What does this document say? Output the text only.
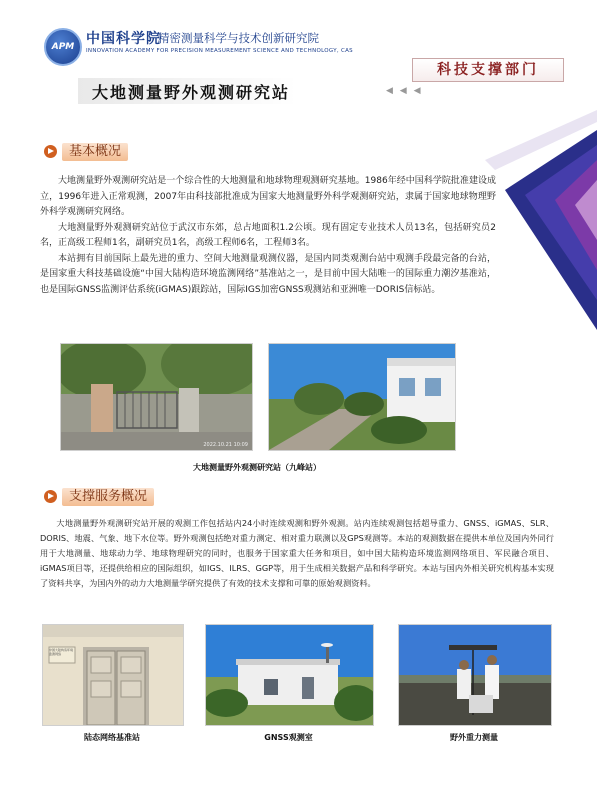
APM 中国科学院
精密测量科学与技术创新研究院
INNOVATION ACADEMY FOR PRECISION MEASUREMENT SCIENCE AND TECHNOLOGY, CAS
科技支撑部门
大地测量野外观测研究站	◀ ◀ ◀
基本概况

大地测量野外观测研究站是一个综合性的大地测量和地球物理观测研究基地。1986年经中国科学院批准建设成立，1996年进入正常观测，2007年由科技部批准成为国家大地测量野外科学观测研究站，隶属于国家地球物理野外科学观测研究网络。

大地测量野外观测研究站位于武汉市东郊，总占地面积1.2公顷。现有固定专业技术人员13名，包括研究员2名，正高级工程师1名，副研究员1名，高级工程师6名，工程师3名。

本站拥有目前国际上最先进的重力、空间大地测量观测仪器，是国内同类观测台站中观测手段最完备的台站，是国家重大科技基础设施“中国大陆构造环境监测网络”基准站之一，是目前中国大陆唯一的国际重力潮汐基准站，也是国际GNSS监测评估系统(iGMAS)跟踪站，国际IGS加密GNSS观测站和亚洲唯一DORIS信标站。

2022.10.21 10:09
大地测量野外观测研究站（九峰站）
支撑服务概况

大地测量野外观测研究站开展的观测工作包括站内24小时连续观测和野外观测。站内连续观测包括超导重力、GNSS、iGMAS、SLR、DORIS、地震、气象、地下水位等。野外观测包括绝对重力测定、相对重力联测以及GPS观测等。本站的观测数据在提供本单位及国内外同行用于大地测量、地球动力学、地球物理研究的同时，也服务于国家重大任务和项目，如中国大陆构造环境监测网络项目、军民融合项目、iGMAS项目等，还提供给相应的国际组织，如IGS、ILRS、GGP等，用于生成相关数据产品和科学研究。本站与国内外相关研究机构基本实现了资料共享，为国内外的动力大地测量学研究提供了有效的技术支撑和可靠的原始观测资料。

中国大陆构造环境监测网络
陆态网络基准站	GNSS观测室	野外重力测量
